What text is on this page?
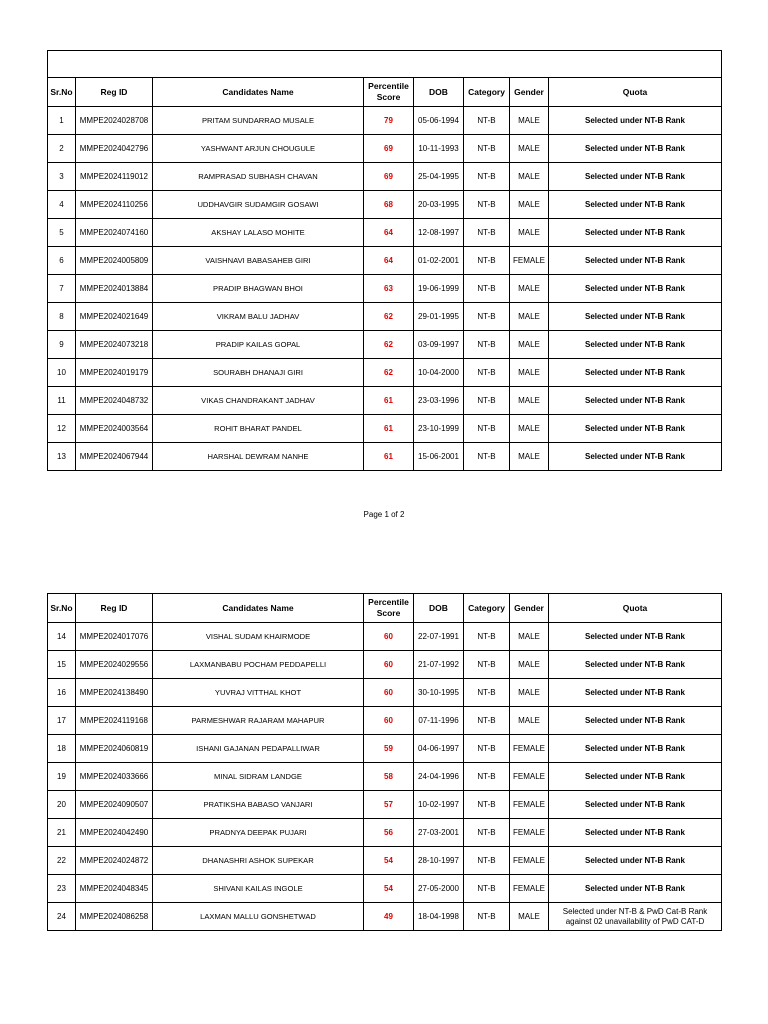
Sr.No	Reg ID	Candidates Name	Percentile
Score	DOB	Category	Gender	Quota
1	MMPE2024028708	PRITAM SUNDARRAO MUSALE	79	05-06-1994	NT-B	MALE	Selected under NT-B Rank
2	MMPE2024042796	YASHWANT ARJUN CHOUGULE	69	10-11-1993	NT-B	MALE	Selected under NT-B Rank
3	MMPE2024119012	RAMPRASAD SUBHASH CHAVAN	69	25-04-1995	NT-B	MALE	Selected under NT-B Rank
4	MMPE2024110256	UDDHAVGIR SUDAMGIR GOSAWI	68	20-03-1995	NT-B	MALE	Selected under NT-B Rank
5	MMPE2024074160	AKSHAY LALASO MOHITE	64	12-08-1997	NT-B	MALE	Selected under NT-B Rank
6	MMPE2024005809	VAISHNAVI BABASAHEB GIRI	64	01-02-2001	NT-B	FEMALE	Selected under NT-B Rank
7	MMPE2024013884	PRADIP BHAGWAN BHOI	63	19-06-1999	NT-B	MALE	Selected under NT-B Rank
8	MMPE2024021649	VIKRAM BALU JADHAV	62	29-01-1995	NT-B	MALE	Selected under NT-B Rank
9	MMPE2024073218	PRADIP KAILAS GOPAL	62	03-09-1997	NT-B	MALE	Selected under NT-B Rank
10	MMPE2024019179	SOURABH DHANAJI GIRI	62	10-04-2000	NT-B	MALE	Selected under NT-B Rank
11	MMPE2024048732	VIKAS CHANDRAKANT JADHAV	61	23-03-1996	NT-B	MALE	Selected under NT-B Rank
12	MMPE2024003564	ROHIT BHARAT PANDEL	61	23-10-1999	NT-B	MALE	Selected under NT-B Rank
13	MMPE2024067944	HARSHAL DEWRAM NANHE	61	15-06-2001	NT-B	MALE	Selected under NT-B Rank
Page 1 of 2
Sr.No	Reg ID	Candidates Name	Percentile
Score	DOB	Category	Gender	Quota
14	MMPE2024017076	VISHAL SUDAM KHAIRMODE	60	22-07-1991	NT-B	MALE	Selected under NT-B Rank
15	MMPE2024029556	LAXMANBABU POCHAM PEDDAPELLI	60	21-07-1992	NT-B	MALE	Selected under NT-B Rank
16	MMPE2024138490	YUVRAJ VITTHAL KHOT	60	30-10-1995	NT-B	MALE	Selected under NT-B Rank
17	MMPE2024119168	PARMESHWAR RAJARAM MAHAPUR	60	07-11-1996	NT-B	MALE	Selected under NT-B Rank
18	MMPE2024060819	ISHANI GAJANAN PEDAPALLIWAR	59	04-06-1997	NT-B	FEMALE	Selected under NT-B Rank
19	MMPE2024033666	MINAL SIDRAM LANDGE	58	24-04-1996	NT-B	FEMALE	Selected under NT-B Rank
20	MMPE2024090507	PRATIKSHA BABASO VANJARI	57	10-02-1997	NT-B	FEMALE	Selected under NT-B Rank
21	MMPE2024042490	PRADNYA DEEPAK PUJARI	56	27-03-2001	NT-B	FEMALE	Selected under NT-B Rank
22	MMPE2024024872	DHANASHRI ASHOK SUPEKAR	54	28-10-1997	NT-B	FEMALE	Selected under NT-B Rank
23	MMPE2024048345	SHIVANI KAILAS INGOLE	54	27-05-2000	NT-B	FEMALE	Selected under NT-B Rank
24	MMPE2024086258	LAXMAN MALLU GONSHETWAD	49	18-04-1998	NT-B	MALE	Selected under NT-B & PwD Cat-B Rank against 02 unavailability of PwD CAT-D
